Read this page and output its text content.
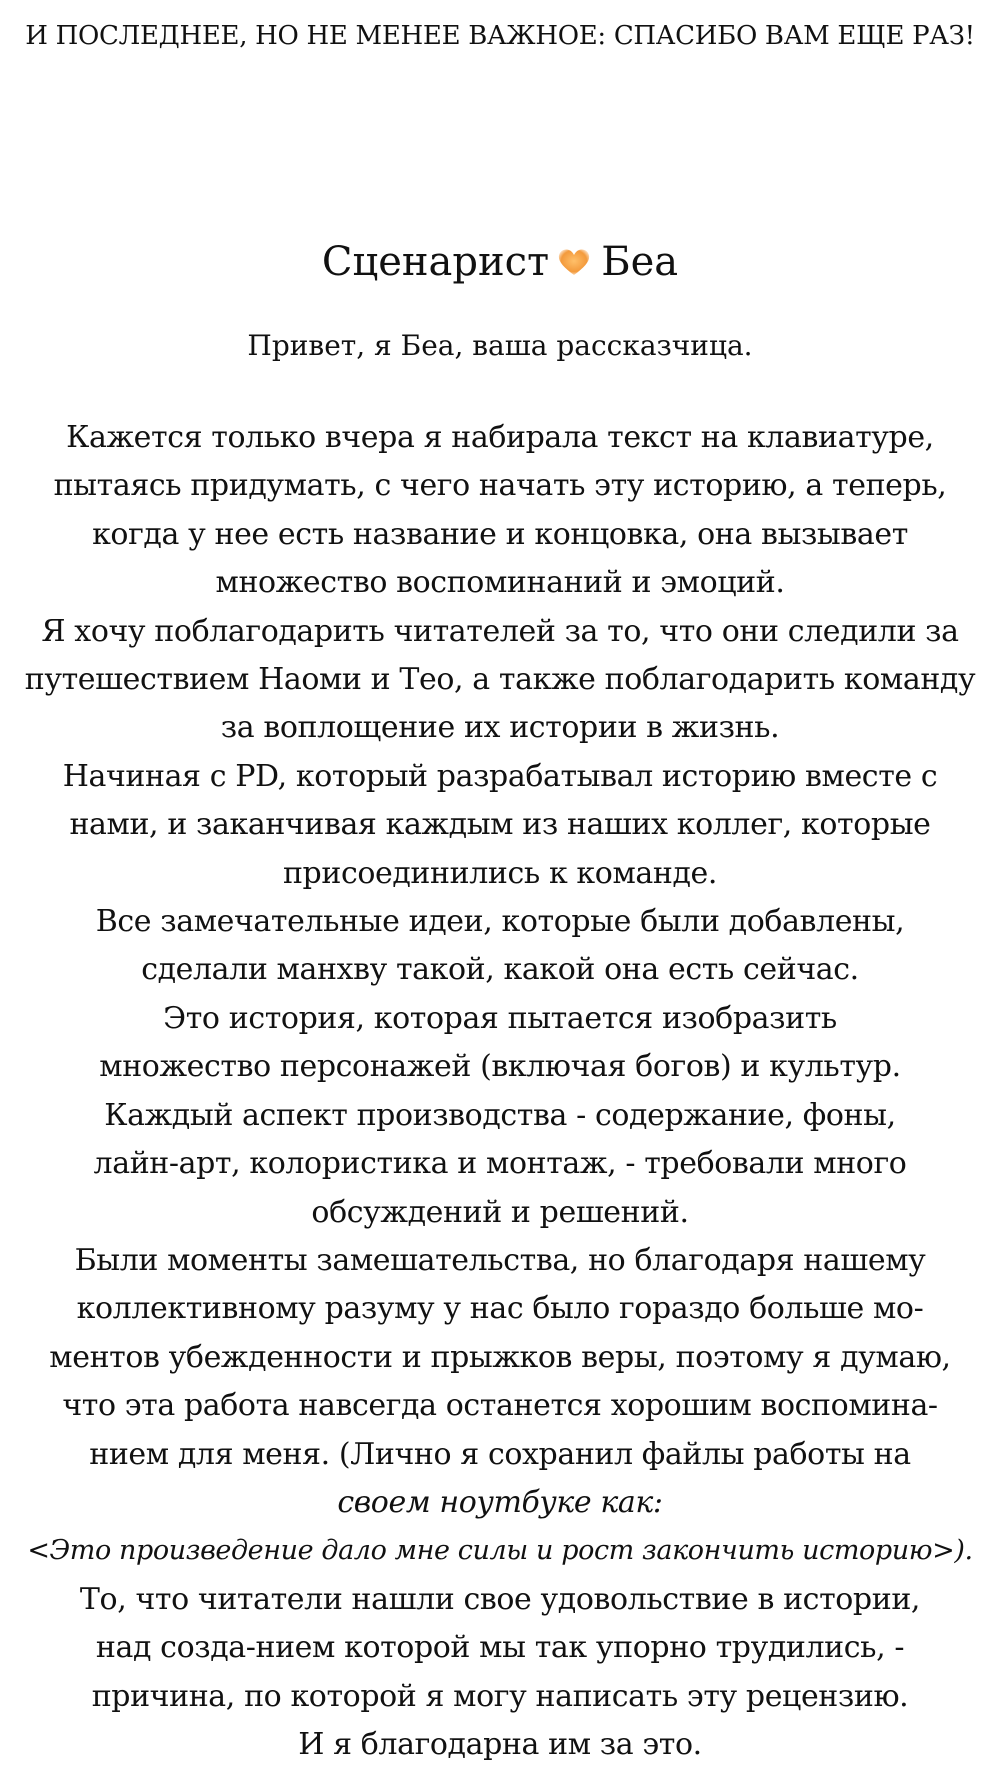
И ПОСЛЕДНЕЕ, НО НЕ МЕНЕЕ ВАЖНОЕ: СПАСИБО ВАМ ЕЩЕ РАЗ!
Сценарист Беа
Привет, я Беа, ваша рассказчица.
Кажется только вчера я набирала текст на клавиатуре,
пытаясь придумать, с чего начать эту историю, а теперь,
когда у нее есть название и концовка, она вызывает
множество воспоминаний и эмоций.
Я хочу поблагодарить читателей за то, что они следили за
путешествием Наоми и Тео, а также поблагодарить команду
за воплощение их истории в жизнь.
Начиная с PD, который разрабатывал историю вместе с
нами, и заканчивая каждым из наших коллег, которые
присоединились к команде.
Все замечательные идеи, которые были добавлены,
сделали манхву такой, какой она есть сейчас.
Это история, которая пытается изобразить
множество персонажей (включая богов) и культур.
Каждый аспект производства - содержание, фоны,
лайн-арт, колористика и монтаж, - требовали много
обсуждений и решений.
Были моменты замешательства, но благодаря нашему
коллективному разуму у нас было гораздо больше мо-
ментов убежденности и прыжков веры, поэтому я думаю,
что эта работа навсегда останется хорошим воспомина-
нием для меня. (Лично я сохранил файлы работы на
своем ноутбуке как:
<Это произведение дало мне силы и рост закончить историю>).
То, что читатели нашли свое удовольствие в истории,
над созда-нием которой мы так упорно трудились, -
причина, по которой я могу написать эту рецензию.
И я благодарна им за это.
